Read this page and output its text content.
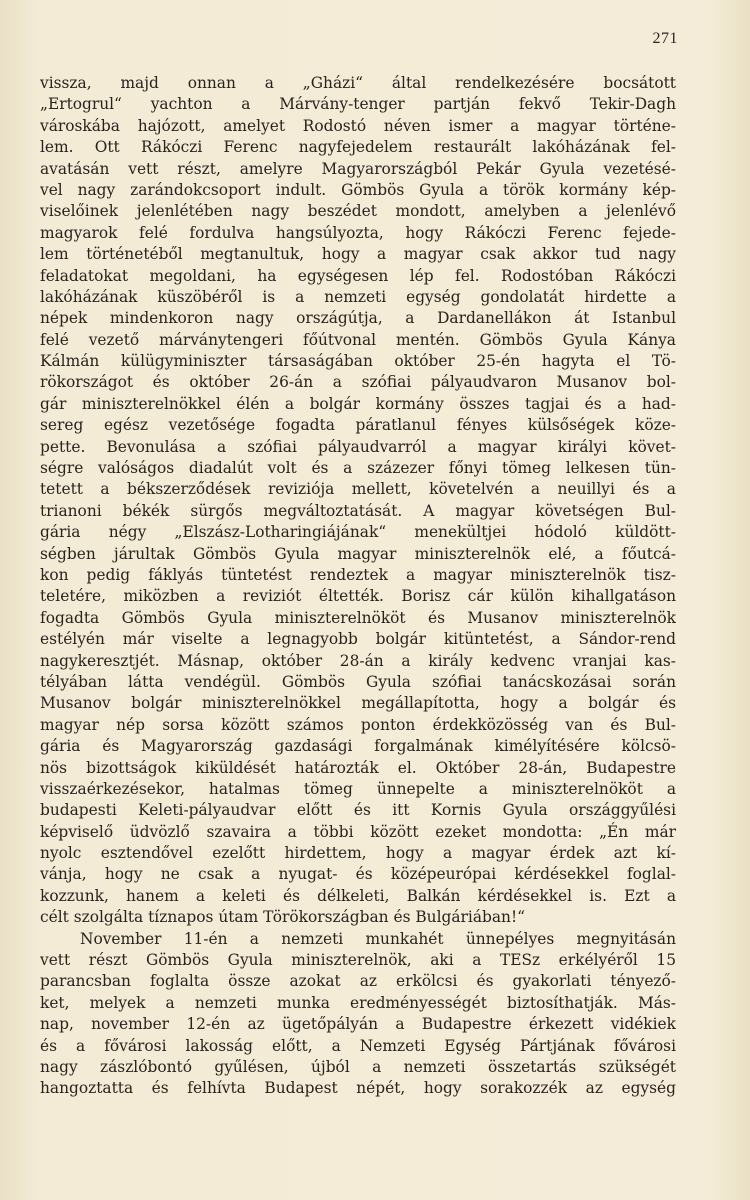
271
vissza, majd onnan a „Gházi“ által rendelkezésére bocsátott
„Ertogrul“ yachton a Márvány-tenger partján fekvő Tekir-Dagh
városkába hajózott, amelyet Rodostó néven ismer a magyar történe-
lem. Ott Rákóczi Ferenc nagyfejedelem restaurált lakóházának fel-
avatásán vett részt, amelyre Magyarországból Pekár Gyula vezetésé-
vel nagy zarándokcsoport indult. Gömbös Gyula a török kormány kép-
viselőinek jelenlétében nagy beszédet mondott, amelyben a jelenlévő
magyarok felé fordulva hangsúlyozta, hogy Rákóczi Ferenc fejede-
lem történetéből megtanultuk, hogy a magyar csak akkor tud nagy
feladatokat megoldani, ha egységesen lép fel. Rodostóban Rákóczi
lakóházának küszöbéről is a nemzeti egység gondolatát hirdette a
népek mindenkoron nagy országútja, a Dardanellákon át Istanbul
felé vezető márványtengeri főútvonal mentén. Gömbös Gyula Kánya
Kálmán külügyminiszter társaságában október 25-én hagyta el Tö-
rökországot és október 26-án a szófiai pályaudvaron Musanov bol-
gár miniszterelnökkel élén a bolgár kormány összes tagjai és a had-
sereg egész vezetősége fogadta páratlanul fényes külsőségek köze-
pette. Bevonulása a szófiai pályaudvarról a magyar királyi követ-
ségre valóságos diadalút volt és a százezer főnyi tömeg lelkesen tün-
tetett a békszerződések reviziója mellett, követelvén a neuillyi és a
trianoni békék sürgős megváltoztatását. A magyar követségen Bul-
gária négy „Elszász-Lotharingiájának“ menekültjei hódoló küldött-
ségben járultak Gömbös Gyula magyar miniszterelnök elé, a főutcá-
kon pedig fáklyás tüntetést rendeztek a magyar miniszterelnök tisz-
teletére, miközben a reviziót éltették. Borisz cár külön kihallgatáson
fogadta Gömbös Gyula miniszterelnököt és Musanov miniszterelnök
estélyén már viselte a legnagyobb bolgár kitüntetést, a Sándor-rend
nagykeresztjét. Másnap, október 28-án a király kedvenc vranjai kas-
télyában látta vendégül. Gömbös Gyula szófiai tanácskozásai során
Musanov bolgár miniszterelnökkel megállapította, hogy a bolgár és
magyar nép sorsa között számos ponton érdekközösség van és Bul-
gária és Magyarország gazdasági forgalmának kimélyítésére kölcsö-
nös bizottságok kiküldését határozták el. Október 28-án, Budapestre
visszaérkezésekor, hatalmas tömeg ünnepelte a miniszterelnököt a
budapesti Keleti-pályaudvar előtt és itt Kornis Gyula országgyűlési
képviselő üdvözlő szavaira a többi között ezeket mondotta: „Én már
nyolc esztendővel ezelőtt hirdettem, hogy a magyar érdek azt kí-
vánja, hogy ne csak a nyugat- és középeurópai kérdésekkel foglal-
kozzunk, hanem a keleti és délkeleti, Balkán kérdésekkel is. Ezt a
célt szolgálta tíznapos útam Törökországban és Bulgáriában!“
November 11-én a nemzeti munkahét ünnepélyes megnyitásán
vett részt Gömbös Gyula miniszterelnök, aki a TESz erkélyéről 15
parancsban foglalta össze azokat az erkölcsi és gyakorlati tényező-
ket, melyek a nemzeti munka eredményességét biztosíthatják. Más-
nap, november 12-én az ügetőpályán a Budapestre érkezett vidékiek
és a fővárosi lakosság előtt, a Nemzeti Egység Pártjának fővárosi
nagy zászlóbontó gyűlésen, újból a nemzeti összetartás szükségét
hangoztatta és felhívta Budapest népét, hogy sorakozzék az egység
